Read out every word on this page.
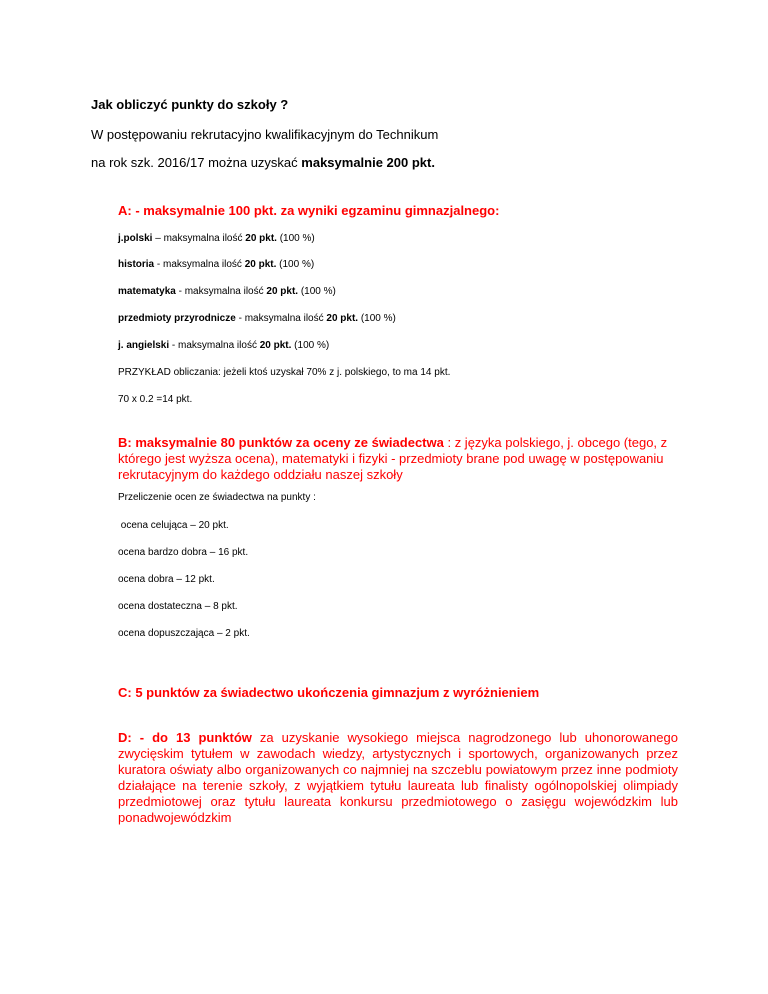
Jak obliczyć punkty do szkoły ?
W postępowaniu rekrutacyjno kwalifikacyjnym do Technikum
na rok szk. 2016/17 można uzyskać maksymalnie 200 pkt.
A: - maksymalnie 100 pkt. za wyniki egzaminu gimnazjalnego:
j.polski – maksymalna ilość 20 pkt. (100 %)
historia - maksymalna ilość 20 pkt. (100 %)
matematyka - maksymalna ilość 20 pkt. (100 %)
przedmioty przyrodnicze - maksymalna ilość 20 pkt. (100 %)
j. angielski - maksymalna ilość 20 pkt. (100 %)
PRZYKŁAD obliczania: jeżeli ktoś uzyskał 70% z j. polskiego, to ma 14 pkt.
70 x 0.2 =14 pkt.
B: maksymalnie 80 punktów za oceny ze świadectwa : z języka polskiego, j. obcego (tego, z którego jest wyższa ocena), matematyki i fizyki - przedmioty brane pod uwagę w postępowaniu rekrutacyjnym do każdego oddziału naszej szkoły
Przeliczenie ocen ze świadectwa na punkty :
ocena celująca – 20 pkt.
ocena bardzo dobra – 16 pkt.
ocena dobra – 12 pkt.
ocena dostateczna – 8 pkt.
ocena dopuszczająca – 2 pkt.
C: 5 punktów za świadectwo ukończenia gimnazjum z wyróżnieniem
D: - do 13 punktów za uzyskanie wysokiego miejsca nagrodzonego lub uhonorowanego zwycięskim tytułem w zawodach wiedzy, artystycznych i sportowych, organizowanych przez kuratora oświaty albo organizowanych co najmniej na szczeblu powiatowym przez inne podmioty działające na terenie szkoły, z wyjątkiem tytułu laureata lub finalisty ogólnopolskiej olimpiady przedmiotowej oraz tytułu laureata konkursu przedmiotowego o zasięgu wojewódzkim lub ponadwojewódzkim
